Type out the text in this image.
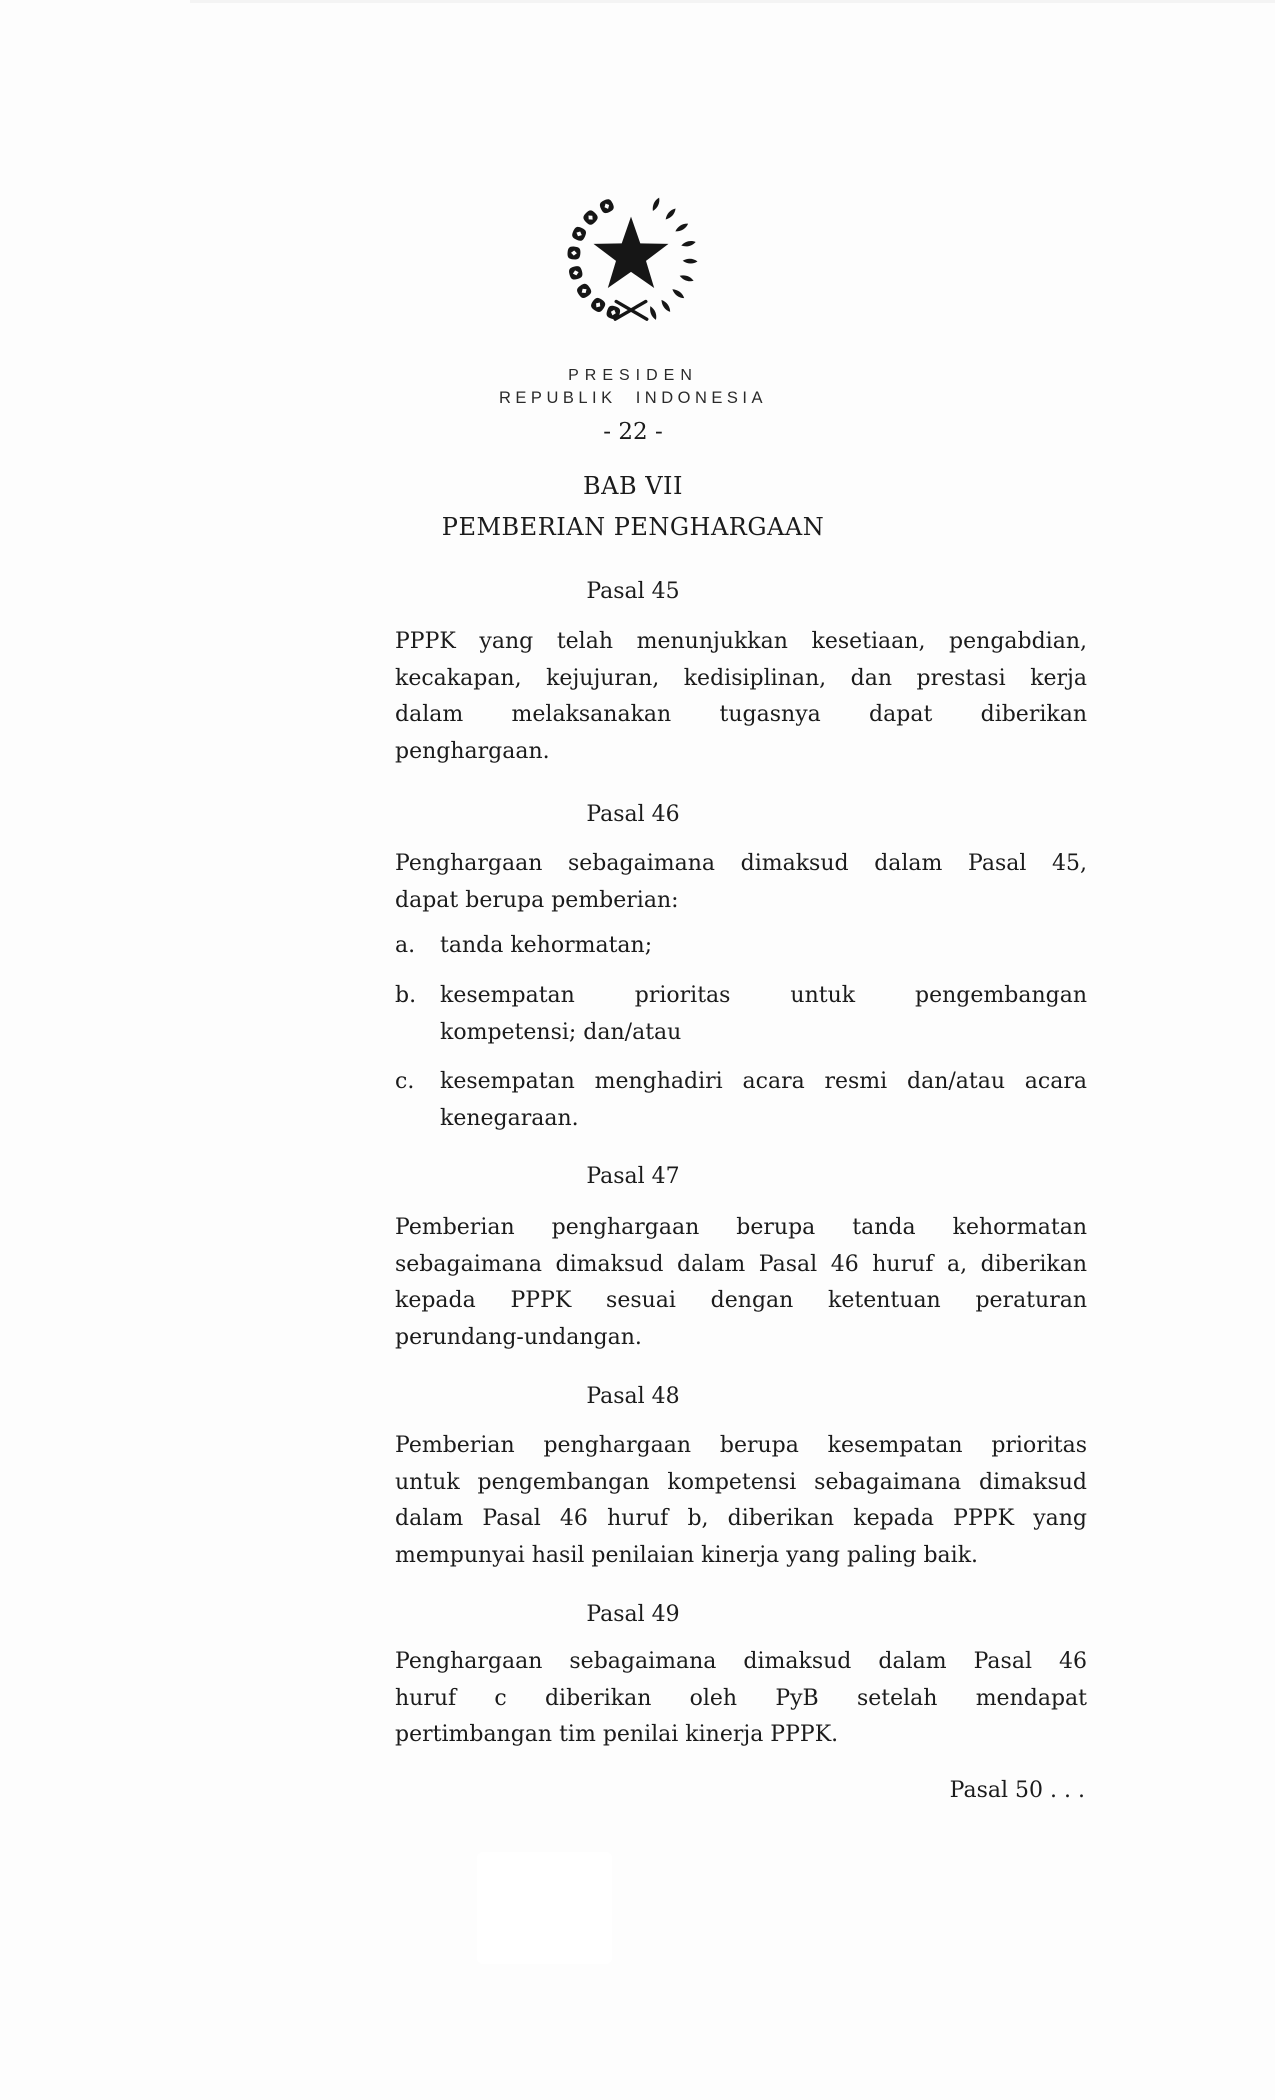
PRESIDEN
REPUBLIK INDONESIA
- 22 -
BAB VII
PEMBERIAN PENGHARGAAN
Pasal 45
PPPK yang telah menunjukkan kesetiaan, pengabdian,
kecakapan, kejujuran, kedisiplinan, dan prestasi kerja
dalam melaksanakan tugasnya dapat diberikan
penghargaan.
Pasal 46
Penghargaan sebagaimana dimaksud dalam Pasal 45,
dapat berupa pemberian:
a. tanda kehormatan;
b. kesempatan prioritas untuk pengembangan
kompetensi; dan/atau
c. kesempatan menghadiri acara resmi dan/atau acara
kenegaraan.
Pasal 47
Pemberian penghargaan berupa tanda kehormatan
sebagaimana dimaksud dalam Pasal 46 huruf a, diberikan
kepada PPPK sesuai dengan ketentuan peraturan
perundang-undangan.
Pasal 48
Pemberian penghargaan berupa kesempatan prioritas
untuk pengembangan kompetensi sebagaimana dimaksud
dalam Pasal 46 huruf b, diberikan kepada PPPK yang
mempunyai hasil penilaian kinerja yang paling baik.
Pasal 49
Penghargaan sebagaimana dimaksud dalam Pasal 46
huruf c diberikan oleh PyB setelah mendapat
pertimbangan tim penilai kinerja PPPK.
Pasal 50 . . .
